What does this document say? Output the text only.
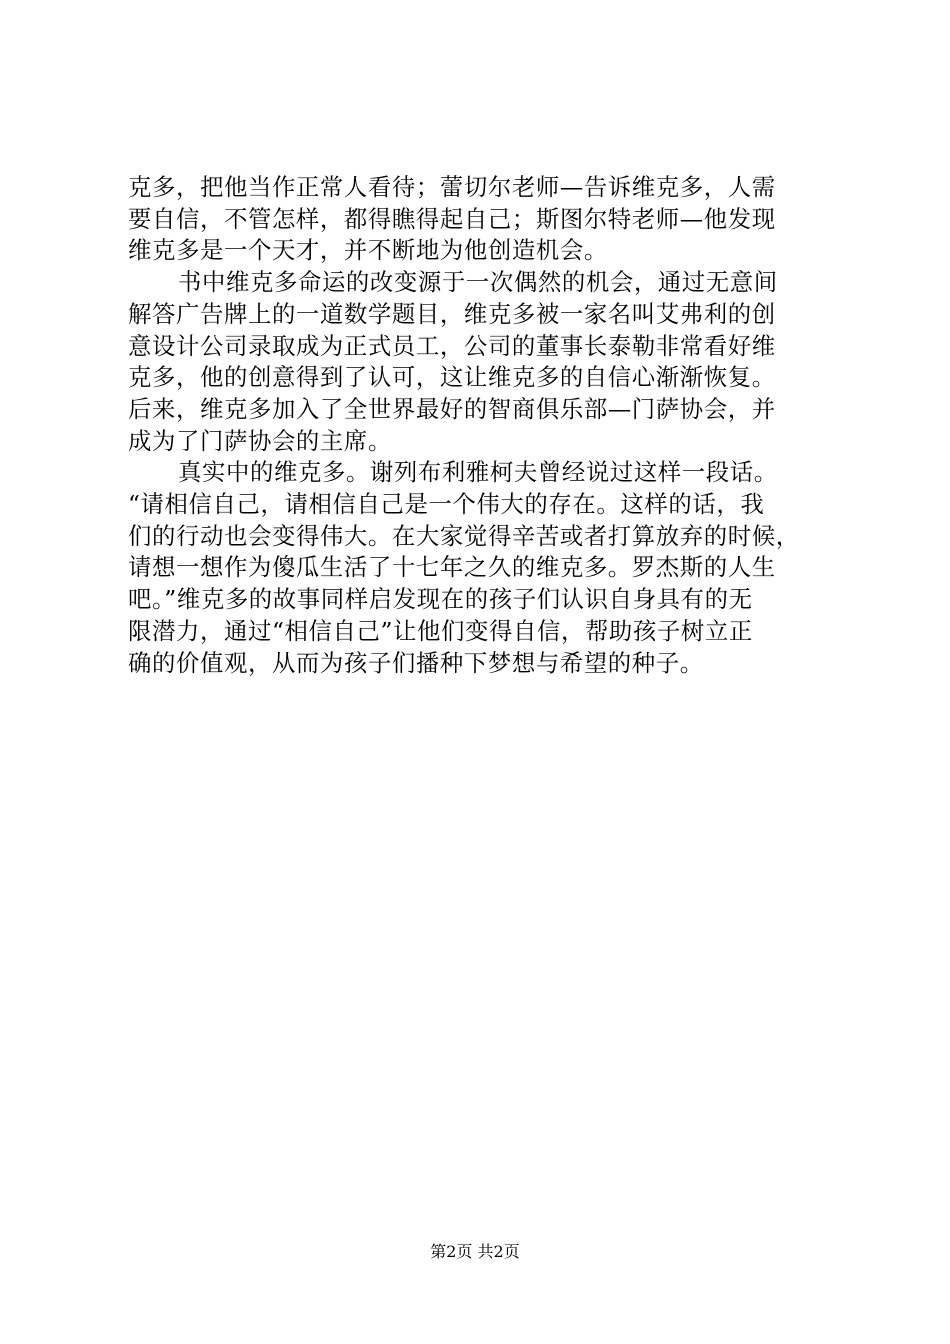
克多，把他当作正常人看待；蕾切尔老师—告诉维克多，人需
要自信，不管怎样，都得瞧得起自己；斯图尔特老师—他发现
维克多是一个天才，并不断地为他创造机会。
书中维克多命运的改变源于一次偶然的机会，通过无意间
解答广告牌上的一道数学题目，维克多被一家名叫艾弗利的创
意设计公司录取成为正式员工，公司的董事长泰勒非常看好维
克多，他的创意得到了认可，这让维克多的自信心渐渐恢复。
后来，维克多加入了全世界最好的智商俱乐部—门萨协会，并
成为了门萨协会的主席。
真实中的维克多。谢列布利雅柯夫曾经说过这样一段话。
“请相信自己，请相信自己是一个伟大的存在。这样的话，我
们的行动也会变得伟大。在大家觉得辛苦或者打算放弃的时候，
请想一想作为傻瓜生活了十七年之久的维克多。罗杰斯的人生
吧。”维克多的故事同样启发现在的孩子们认识自身具有的无
限潜力，通过“相信自己”让他们变得自信，帮助孩子树立正
确的价值观，从而为孩子们播种下梦想与希望的种子。
第2页 共2页
